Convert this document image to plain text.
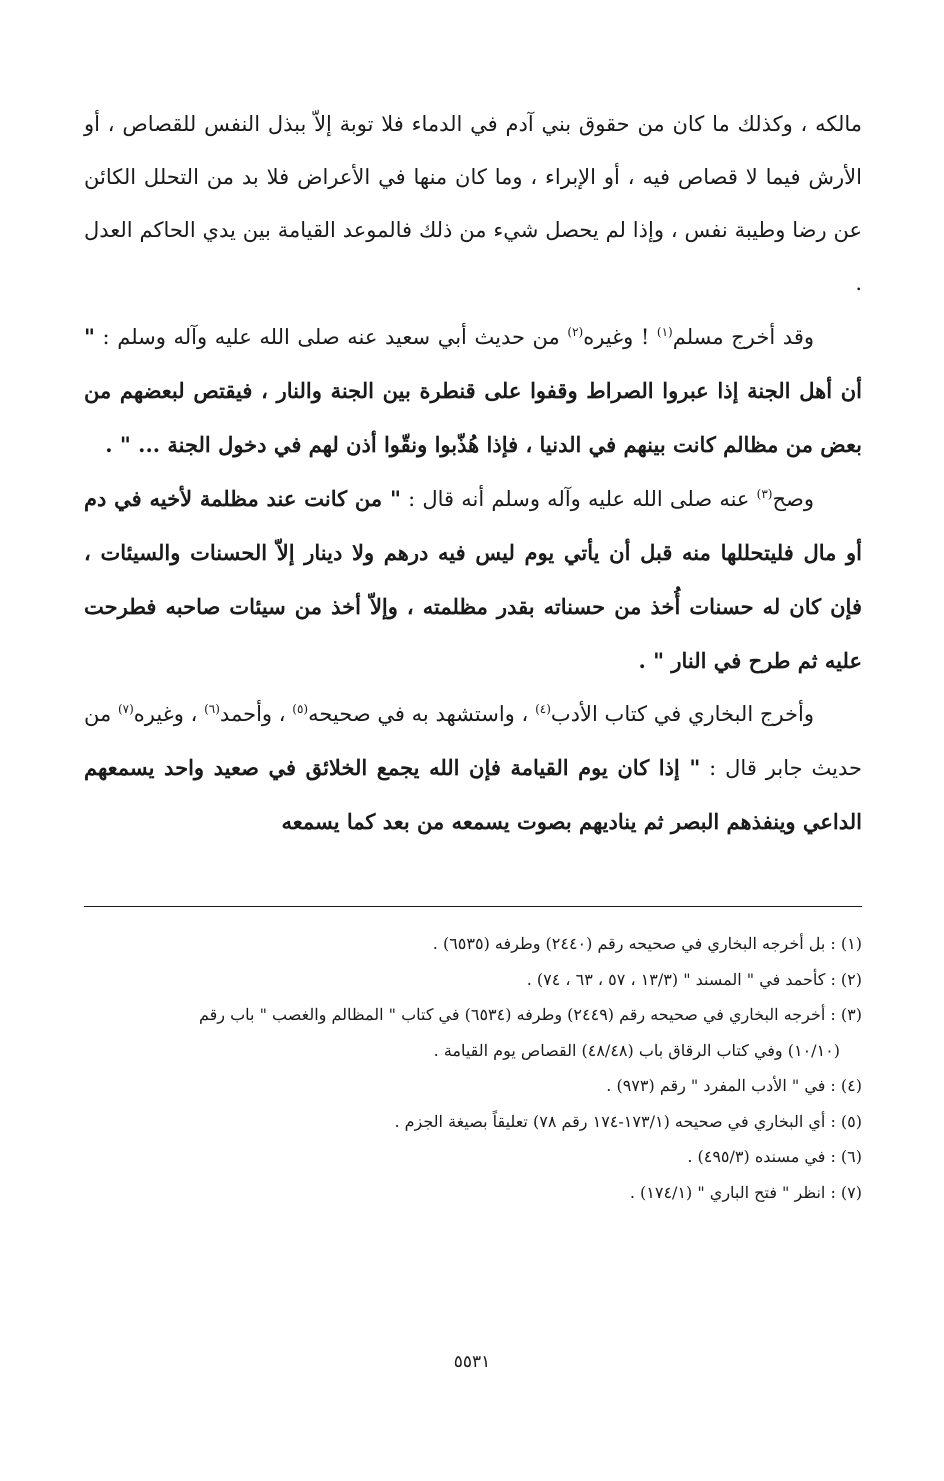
مالكه ، وكذلك ما كان من حقوق بني آدم في الدماء فلا توبة إلاّ ببذل النفس للقصاص ، أو الأرش فيما لا قصاص فيه ، أو الإبراء ، وما كان منها في الأعراض فلا بد من التحلل الكائن عن رضا وطيبة نفس ، وإذا لم يحصل شيء من ذلك فالموعد القيامة بين يدي الحاكم العدل .

وقد أخرج مسلم$^{(١)}$ ! وغيره$^{(٢)}$ من حديث أبي سعيد عنه صلى الله عليه وآله وسلم : " أن أهل الجنة إذا عبروا الصراط وقفوا على قنطرة بين الجنة والنار ، فيقتص لبعضهم من بعض من مظالم كانت بينهم في الدنيا ، فإذا هُذّبوا ونقّوا أذن لهم في دخول الجنة ... " .

وصح$^{(٣)}$ عنه صلى الله عليه وآله وسلم أنه قال : " من كانت عند مظلمة لأخيه في دم أو مال فليتحللها منه قبل أن يأتي يوم ليس فيه درهم ولا دينار إلاّ الحسنات والسيئات ، فإن كان له حسنات أُخذ من حسناته بقدر مظلمته ، وإلاّ أخذ من سيئات صاحبه فطرحت عليه ثم طرح في النار " .

وأخرج البخاري في كتاب الأدب$^{(٤)}$ ، واستشهد به في صحيحه$^{(٥)}$ ، وأحمد$^{(٦)}$ ، وغيره$^{(٧)}$ من حديث جابر قال : " إذا كان يوم القيامة فإن الله يجمع الخلائق في صعيد واحد يسمعهم الداعي وينفذهم البصر ثم يناديهم بصوت يسمعه من بعد كما يسمعه

(١) : بل أخرجه البخاري في صحيحه رقم (٢٤٤٠) وطرفه (٦٥٣٥) .

(٢) : كأحمد في " المسند " (١٣/٣ ، ٥٧ ، ٦٣ ، ٧٤) .

(٣) : أخرجه البخاري في صحيحه رقم (٢٤٤٩) وطرفه (٦٥٣٤) في كتاب " المظالم والغصب " باب رقم

(١٠/١٠) وفي كتاب الرقاق باب (٤٨/٤٨) القصاص يوم القيامة .

(٤) : في " الأدب المفرد " رقم (٩٧٣) .

(٥) : أي البخاري في صحيحه (١٧٣/١-١٧٤ رقم ٧٨) تعليقاً بصيغة الجزم .

(٦) : في مسنده (٤٩٥/٣) .

(٧) : انظر " فتح الباري " (١٧٤/١) .

٥٥٣١
